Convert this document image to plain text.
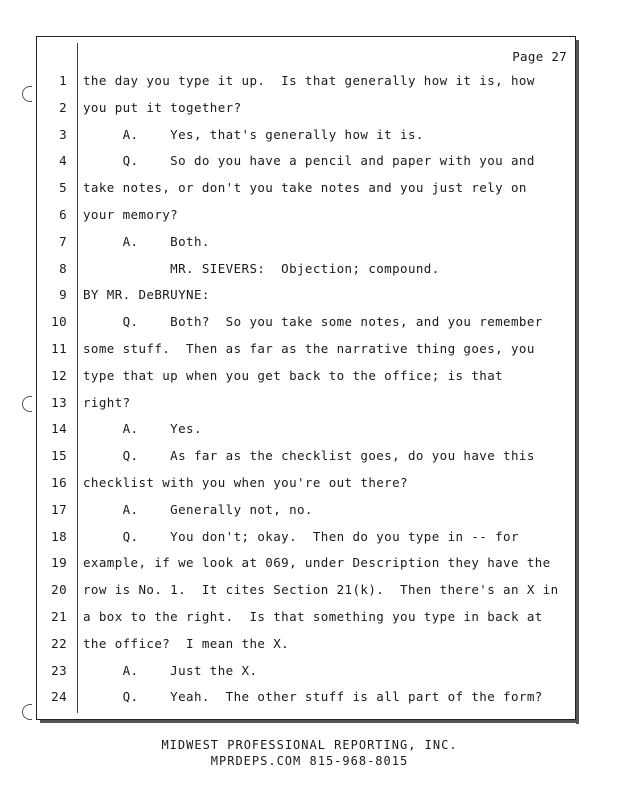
Page 27
1 the day you type it up.  Is that generally how it is, how
2 you put it together?
3 A.    Yes, that's generally how it is.
4 Q.    So do you have a pencil and paper with you and
5 take notes, or don't you take notes and you just rely on
6 your memory?
7 A.    Both.
8 MR. SIEVERS:  Objection; compound.
9 BY MR. DeBRUYNE:
10 Q.    Both?  So you take some notes, and you remember
11 some stuff.  Then as far as the narrative thing goes, you
12 type that up when you get back to the office; is that
13 right?
14 A.    Yes.
15 Q.    As far as the checklist goes, do you have this
16 checklist with you when you're out there?
17 A.    Generally not, no.
18 Q.    You don't; okay.  Then do you type in -- for
19 example, if we look at 069, under Description they have the
20 row is No. 1.  It cites Section 21(k).  Then there's an X in
21 a box to the right.  Is that something you type in back at
22 the office?  I mean the X.
23 A.    Just the X.
24 Q.    Yeah.  The other stuff is all part of the form?
MIDWEST PROFESSIONAL REPORTING, INC.
MPRDEPS.COM 815-968-8015
